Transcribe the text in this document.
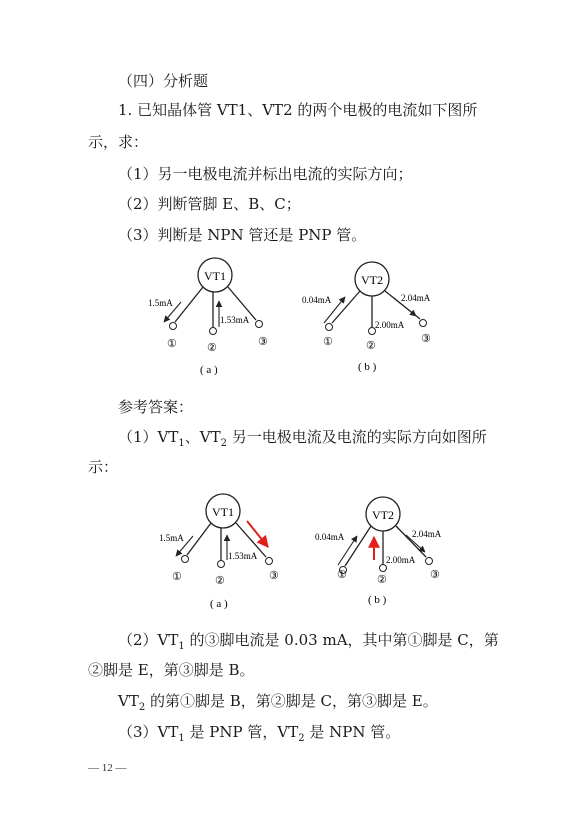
（四）分析题
1. 已知晶体管 VT1、VT2 的两个电极的电流如下图所
示，求：
（1）另一电极电流并标出电流的实际方向；
（2）判断管脚 E、B、C；
（3）判断是 NPN 管还是 PNP 管。
VT1
1.5mA
1.53mA
①	②	③
( a )
VT2
0.04mA	2.04mA
2.00mA
①	②
③
( b )
参考答案：
$(1)VT_1$、$VT_2$ 另一电极电流及电流的实际方向如图所
示：
VT1
1.5mA
1.53mA
①	②	③
( a )
VT2
0.04mA	2.04mA
2.00mA
①	②	③
( b )
$(2)VT_1$ 的③脚电流是 0.03 mA，其中第①脚是 C，第
②脚是 E，第③脚是 B。
$VT_2$ 的第①脚是 B，第②脚是 C，第③脚是 E。
$(3)VT_1$ 是 PNP 管，$VT_2$ 是 NPN 管。
— 12 —
